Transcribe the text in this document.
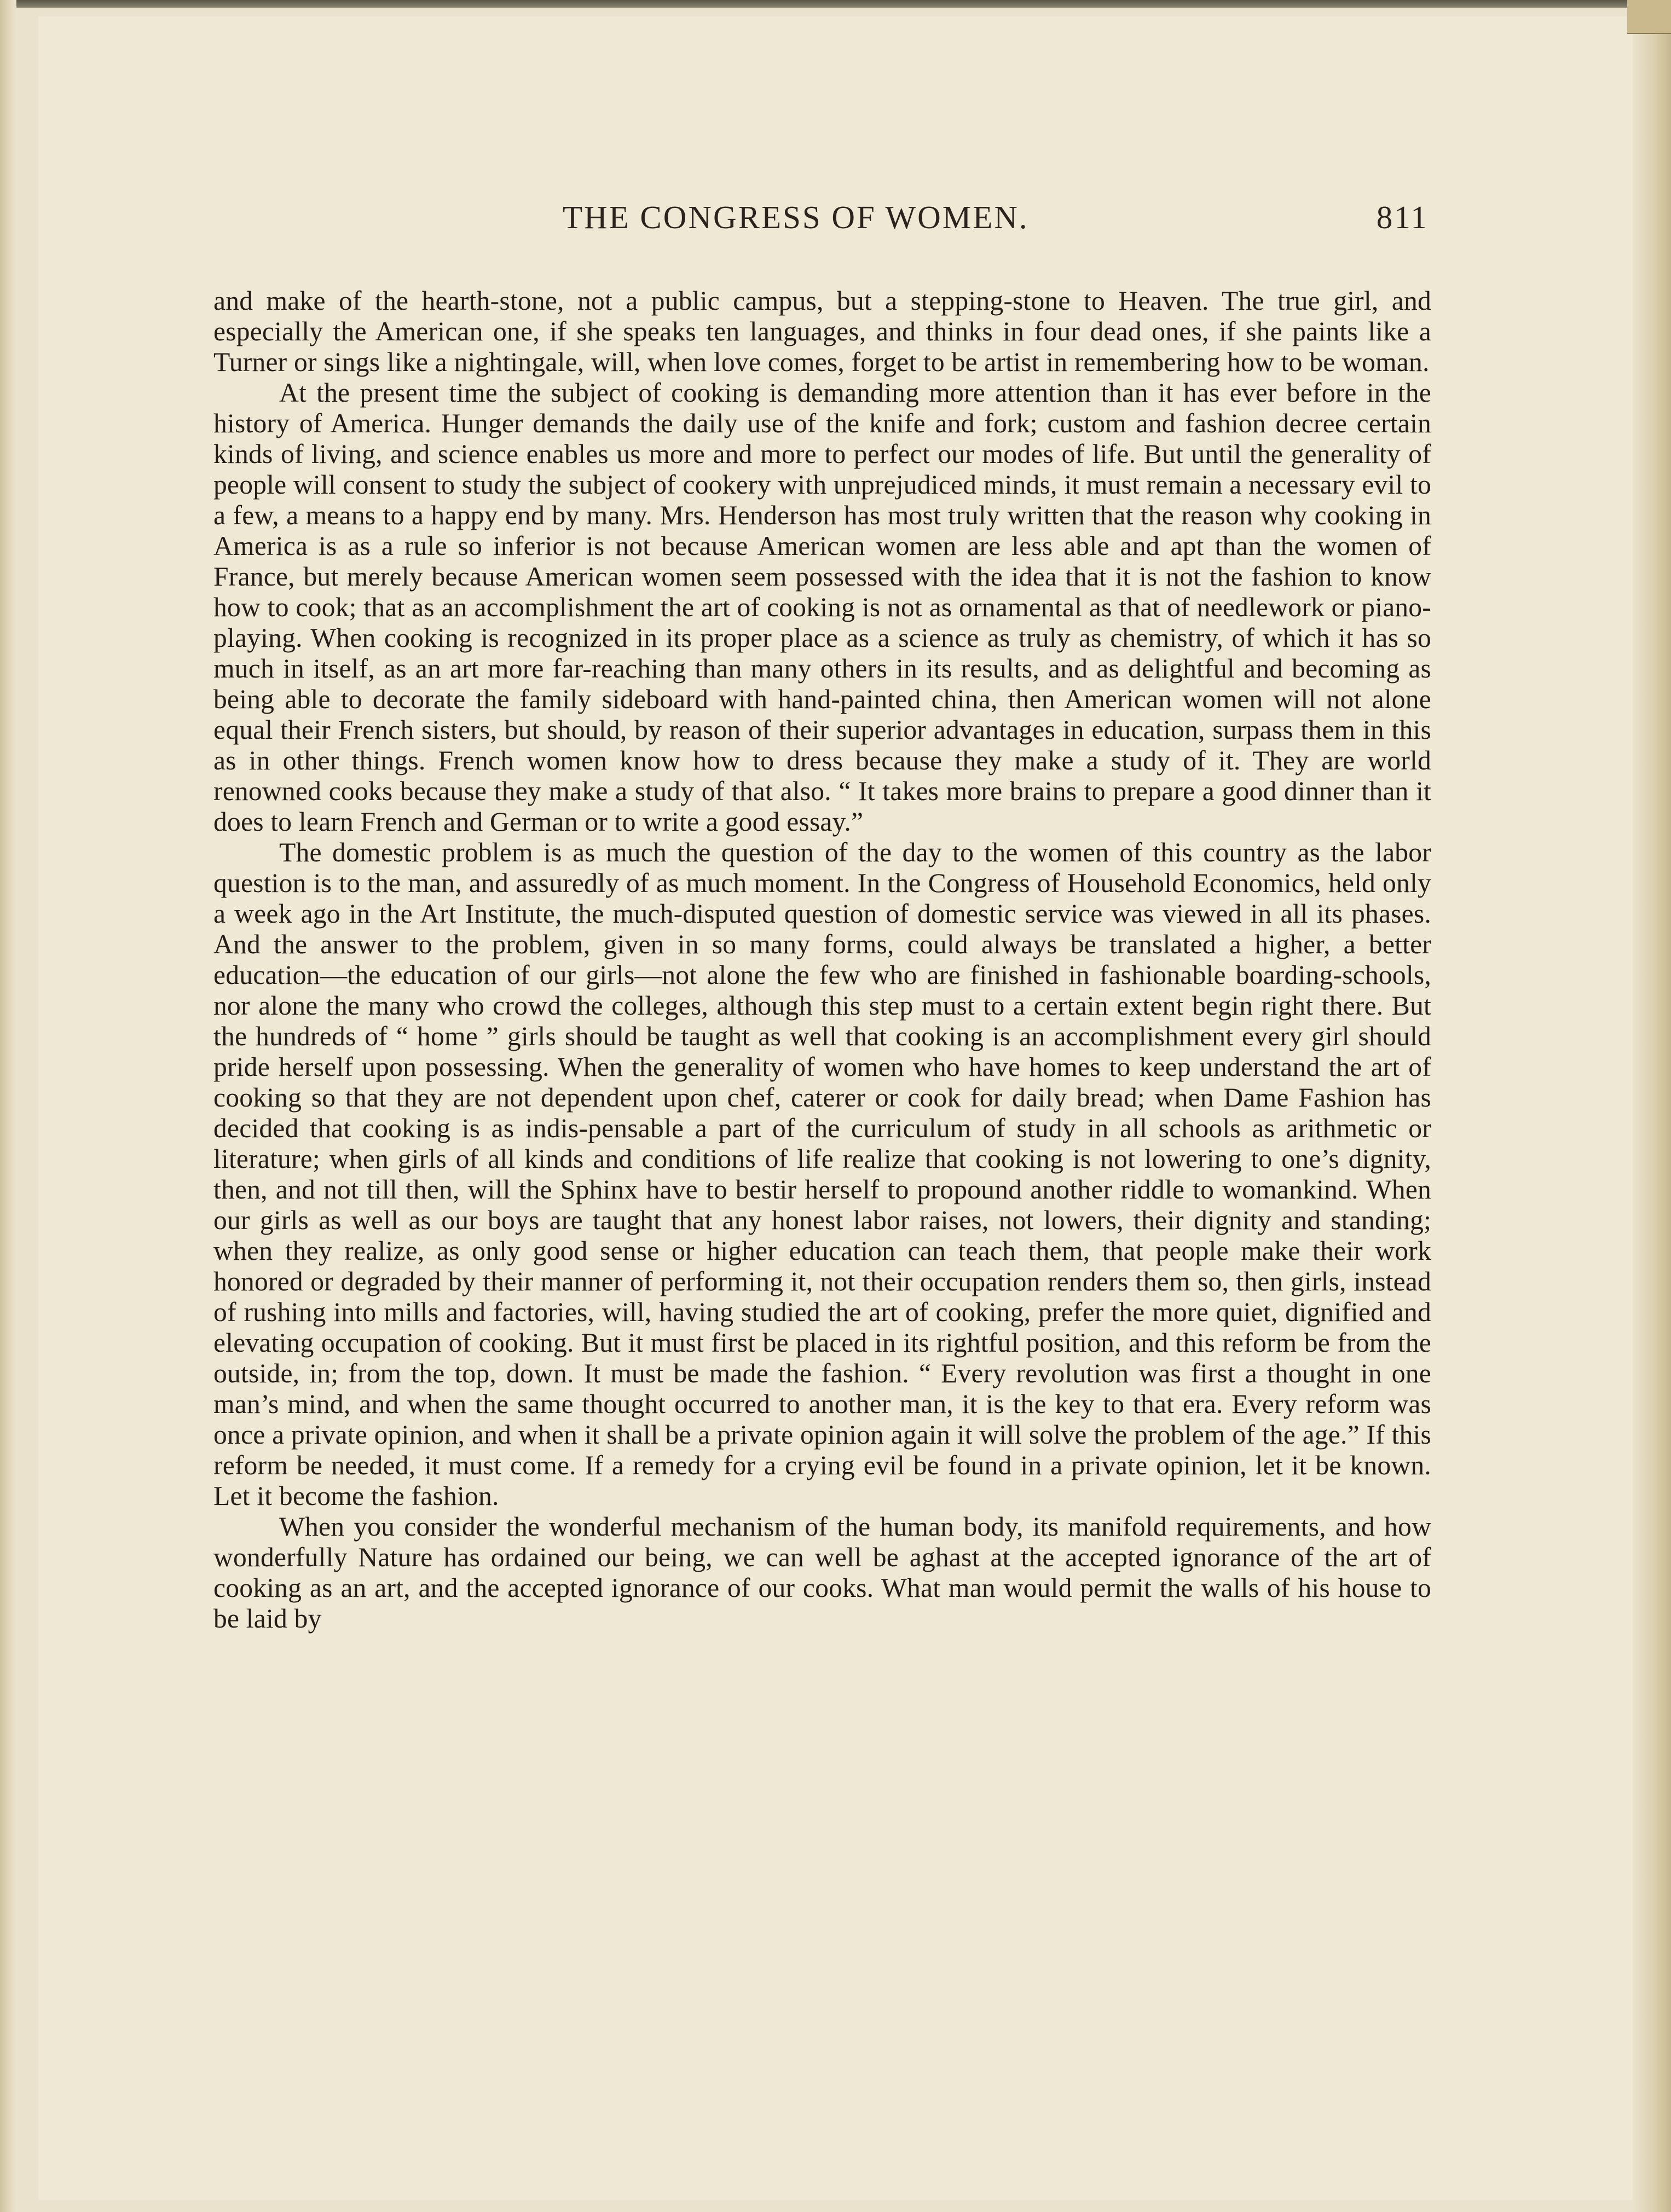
THE CONGRESS OF WOMEN.	811

and make of the hearth-stone, not a public campus, but a stepping-stone to Heaven. The true girl, and especially the American one, if she speaks ten languages, and thinks in four dead ones, if she paints like a Turner or sings like a nightingale, will, when love comes, forget to be artist in remembering how to be woman.

At the present time the subject of cooking is demanding more attention than it has ever before in the history of America. Hunger demands the daily use of the knife and fork; custom and fashion decree certain kinds of living, and science enables us more and more to perfect our modes of life. But until the generality of people will consent to study the subject of cookery with unprejudiced minds, it must remain a necessary evil to a few, a means to a happy end by many. Mrs. Henderson has most truly written that the reason why cooking in America is as a rule so inferior is not because American women are less able and apt than the women of France, but merely because American women seem possessed with the idea that it is not the fashion to know how to cook; that as an accomplishment the art of cooking is not as ornamental as that of needlework or piano-playing. When cooking is recognized in its proper place as a science as truly as chemistry, of which it has so much in itself, as an art more far-reaching than many others in its results, and as delightful and becoming as being able to decorate the family sideboard with hand-painted china, then American women will not alone equal their French sisters, but should, by reason of their superior advantages in education, surpass them in this as in other things. French women know how to dress because they make a study of it. They are world renowned cooks because they make a study of that also. “ It takes more brains to prepare a good dinner than it does to learn French and German or to write a good essay.”

The domestic problem is as much the question of the day to the women of this country as the labor question is to the man, and assuredly of as much moment. In the Congress of Household Economics, held only a week ago in the Art Institute, the much-disputed question of domestic service was viewed in all its phases. And the answer to the problem, given in so many forms, could always be translated a higher, a better education—the education of our girls—not alone the few who are finished in fashionable boarding-schools, nor alone the many who crowd the colleges, although this step must to a certain extent begin right there. But the hundreds of “ home ” girls should be taught as well that cooking is an accomplishment every girl should pride herself upon possessing. When the generality of women who have homes to keep understand the art of cooking so that they are not dependent upon chef, caterer or cook for daily bread; when Dame Fashion has decided that cooking is as indis-pensable a part of the curriculum of study in all schools as arithmetic or literature; when girls of all kinds and conditions of life realize that cooking is not lowering to one’s dignity, then, and not till then, will the Sphinx have to bestir herself to propound another riddle to womankind. When our girls as well as our boys are taught that any honest labor raises, not lowers, their dignity and standing; when they realize, as only good sense or higher education can teach them, that people make their work honored or degraded by their manner of performing it, not their occupation renders them so, then girls, instead of rushing into mills and factories, will, having studied the art of cooking, prefer the more quiet, dignified and elevating occupation of cooking. But it must first be placed in its rightful position, and this reform be from the outside, in; from the top, down. It must be made the fashion. “ Every revolution was first a thought in one man’s mind, and when the same thought occurred to another man, it is the key to that era. Every reform was once a private opinion, and when it shall be a private opinion again it will solve the problem of the age.” If this reform be needed, it must come. If a remedy for a crying evil be found in a private opinion, let it be known. Let it become the fashion.

When you consider the wonderful mechanism of the human body, its manifold requirements, and how wonderfully Nature has ordained our being, we can well be aghast at the accepted ignorance of the art of cooking as an art, and the accepted ignorance of our cooks. What man would permit the walls of his house to be laid by
